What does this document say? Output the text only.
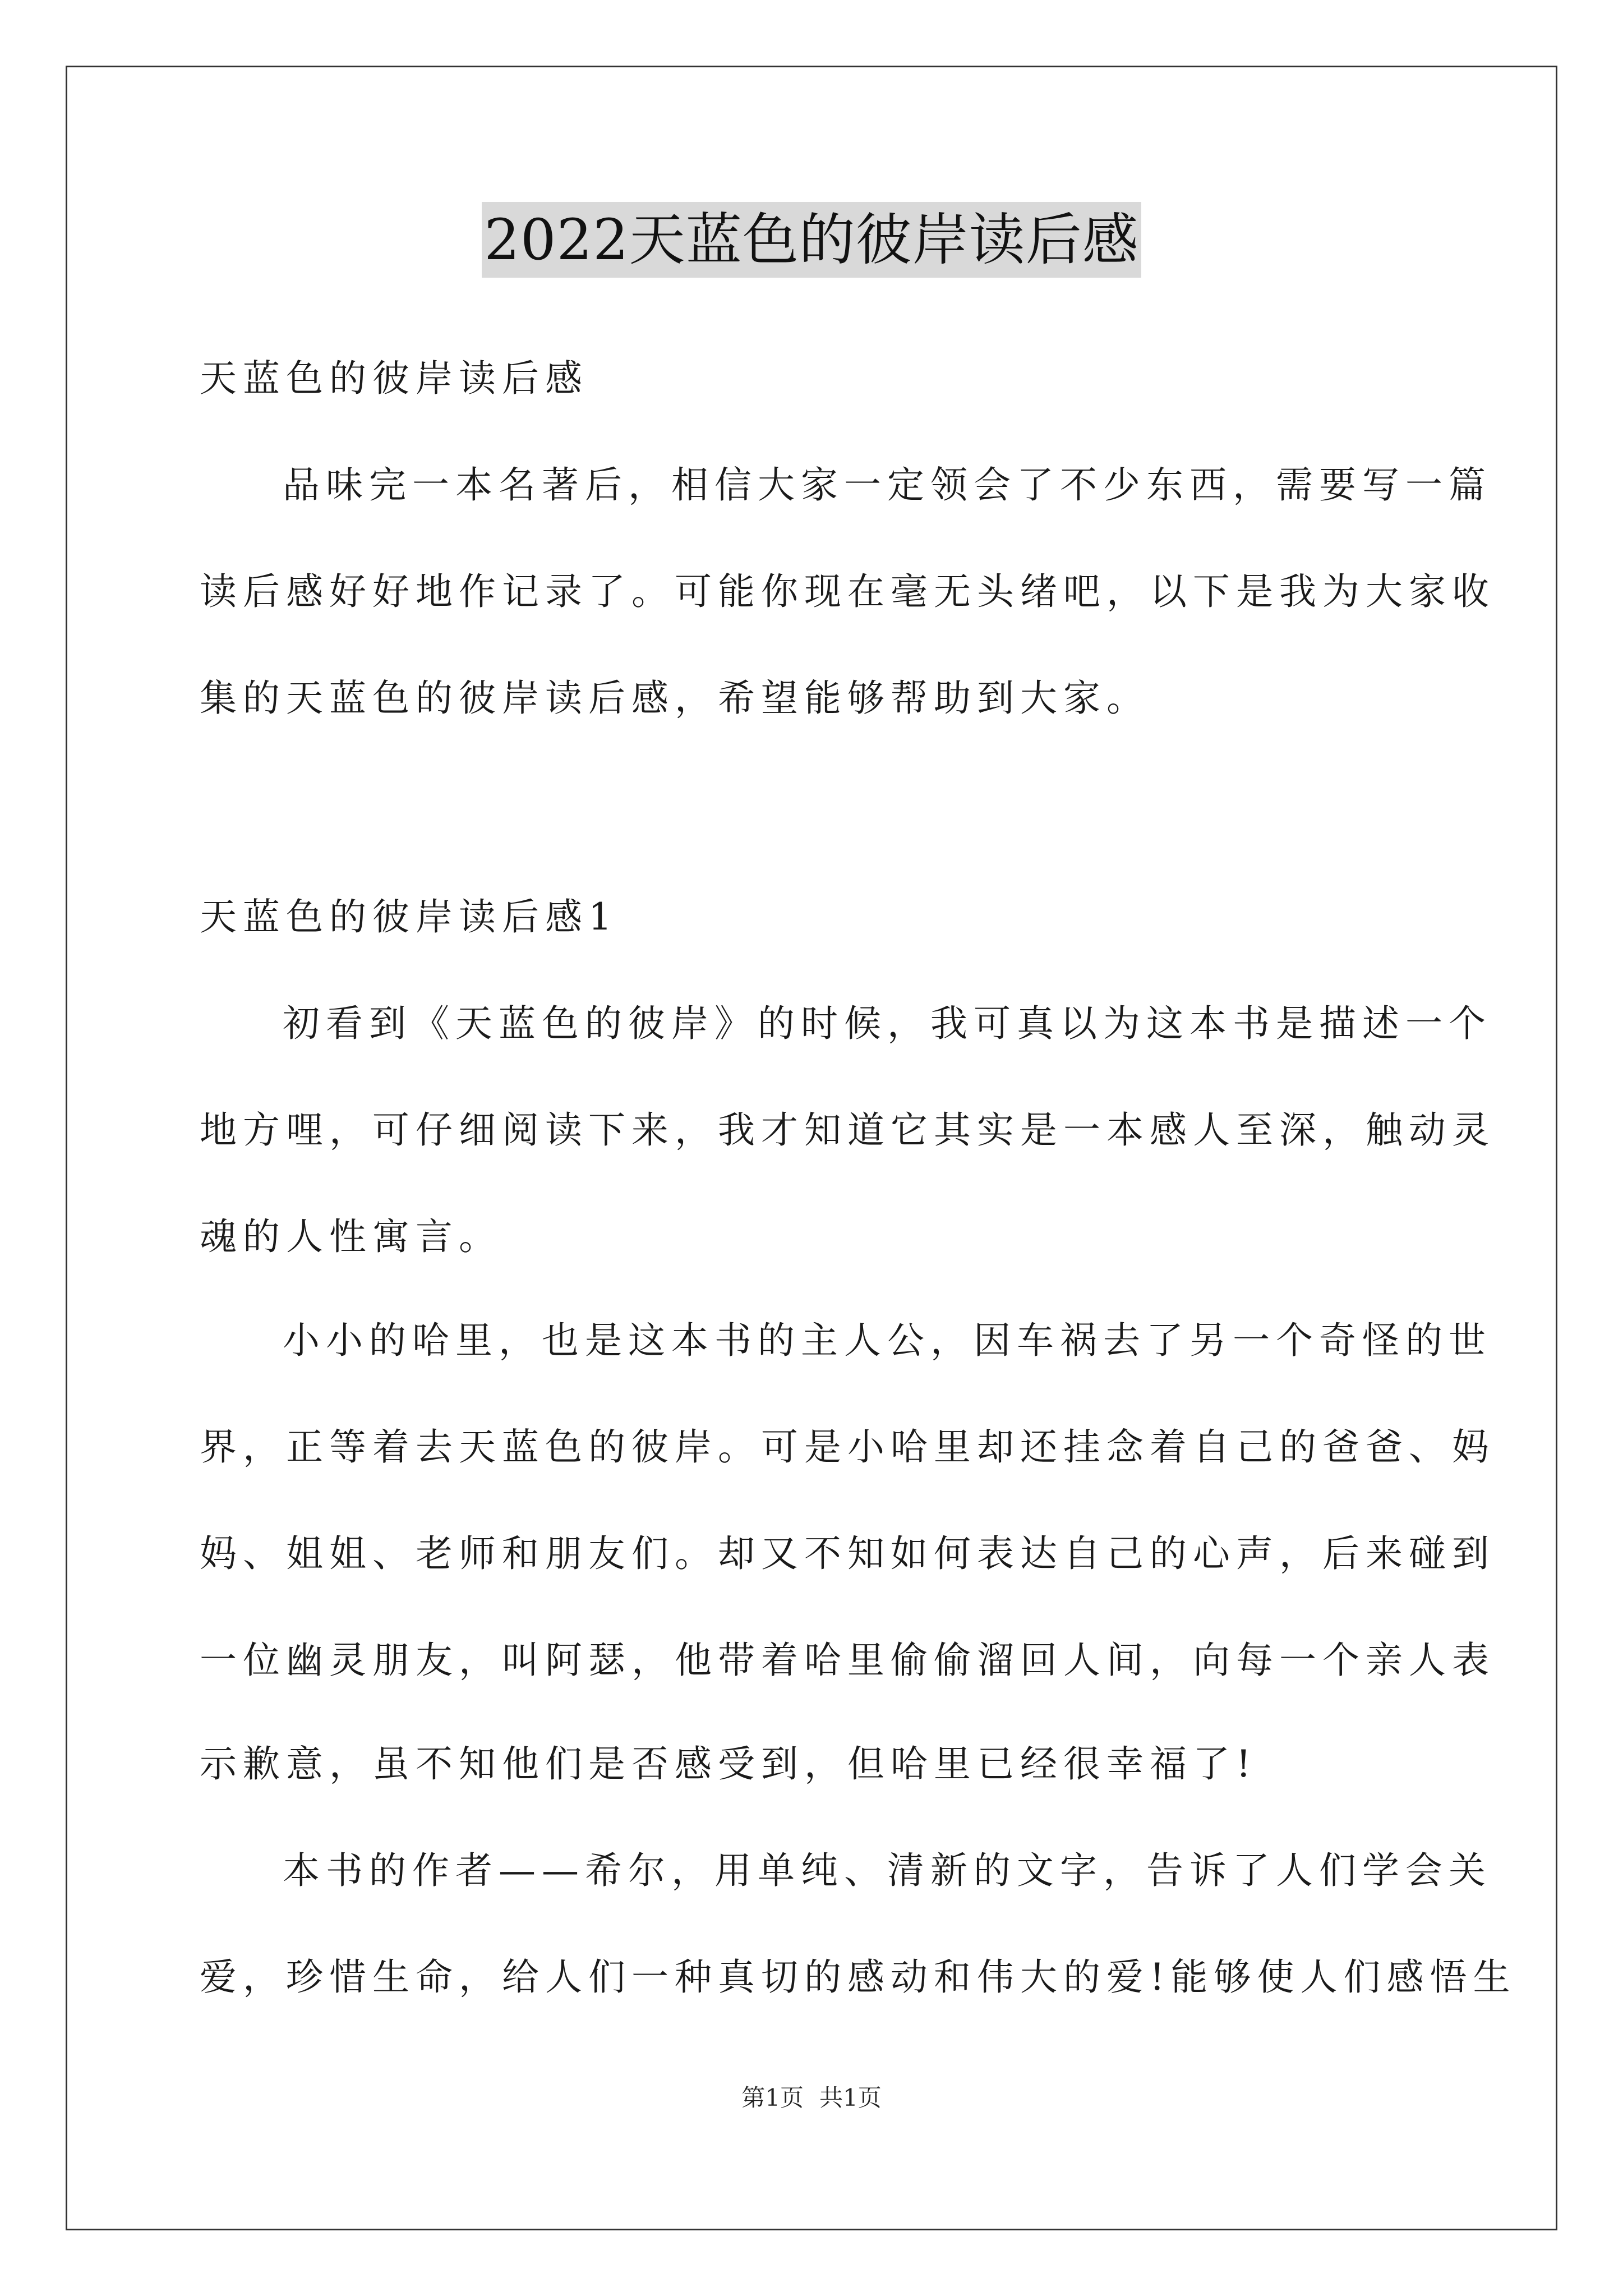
2022天蓝色的彼岸读后感
天蓝色的彼岸读后感
品味完一本名著后，相信大家一定领会了不少东西，需要写一篇
读后感好好地作记录了。可能你现在毫无头绪吧，以下是我为大家收
集的天蓝色的彼岸读后感，希望能够帮助到大家。
天蓝色的彼岸读后感1
初看到《天蓝色的彼岸》的时候，我可真以为这本书是描述一个
地方哩，可仔细阅读下来，我才知道它其实是一本感人至深，触动灵
魂的人性寓言。
小小的哈里，也是这本书的主人公，因车祸去了另一个奇怪的世
界，正等着去天蓝色的彼岸。可是小哈里却还挂念着自己的爸爸、妈
妈、姐姐、老师和朋友们。却又不知如何表达自己的心声，后来碰到
一位幽灵朋友，叫阿瑟，他带着哈里偷偷溜回人间，向每一个亲人表
示歉意，虽不知他们是否感受到，但哈里已经很幸福了!
本书的作者——希尔，用单纯、清新的文字，告诉了人们学会关
爱，珍惜生命，给人们一种真切的感动和伟大的爱!能够使人们感悟生
第1页 共1页
